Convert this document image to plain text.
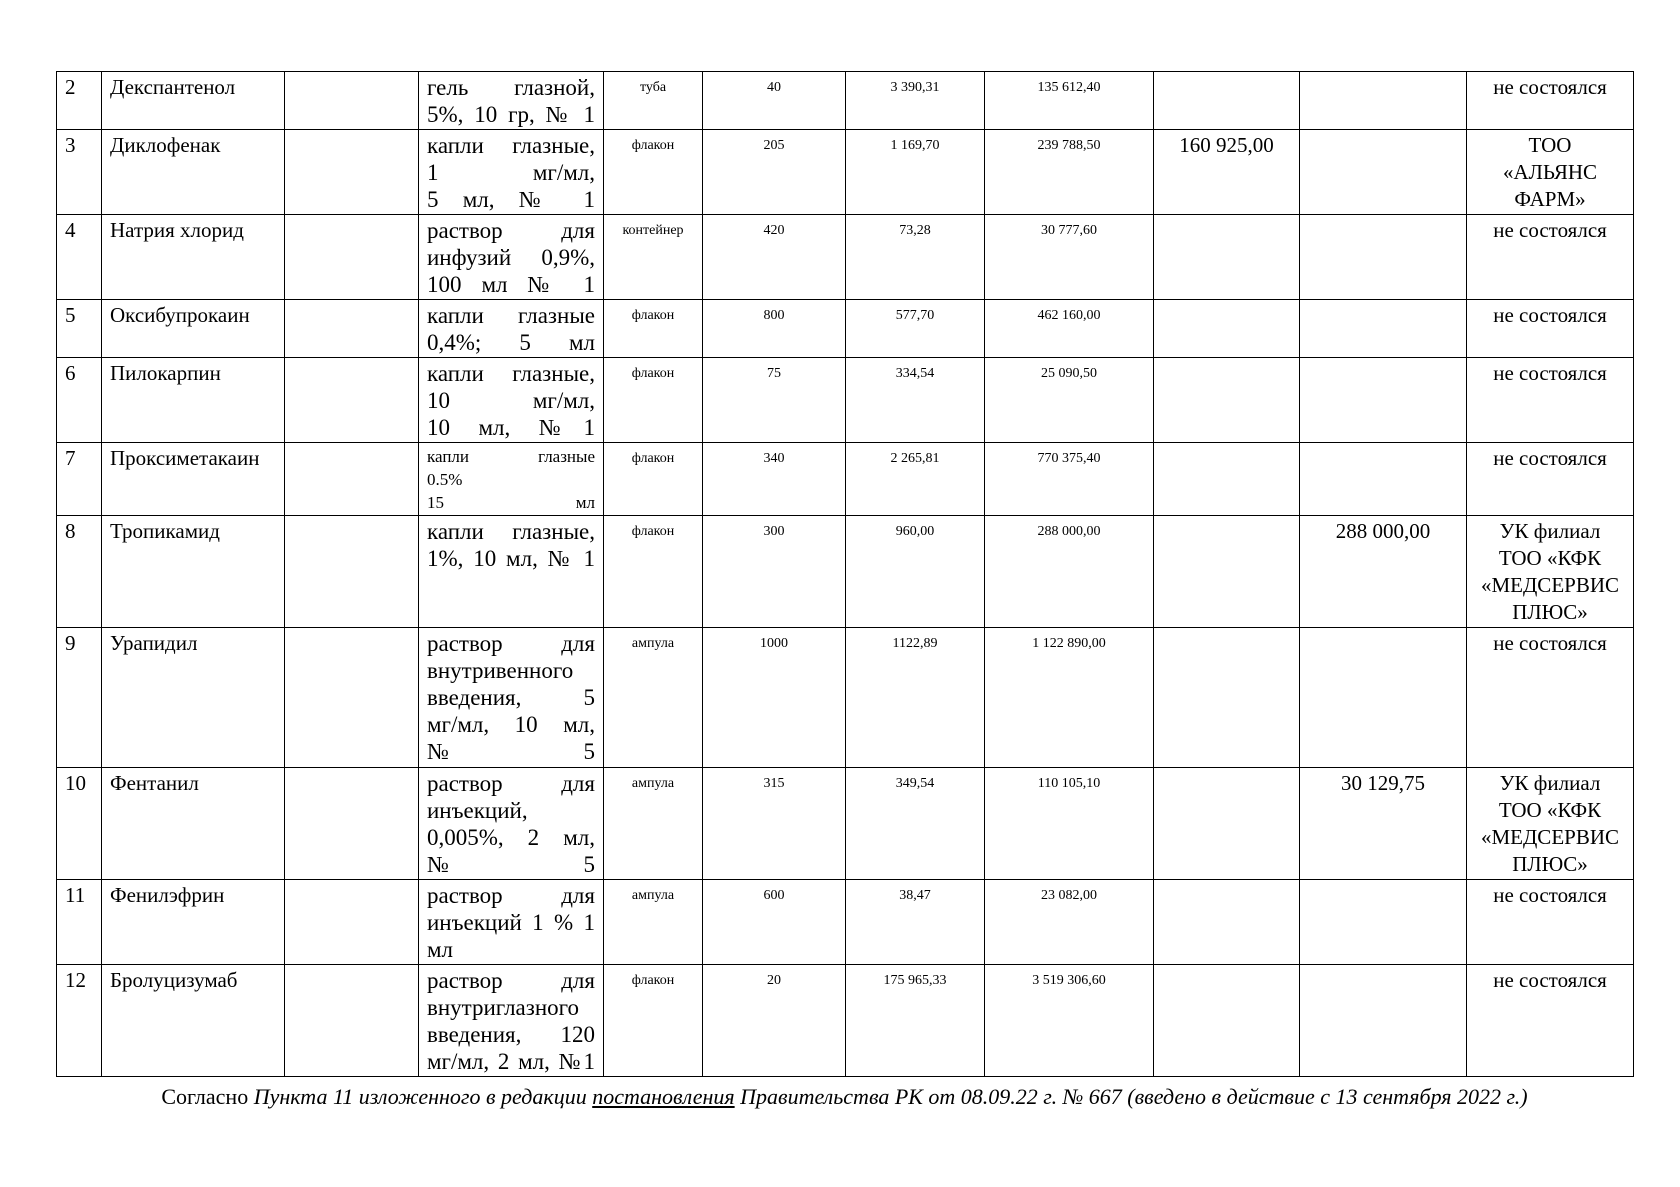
2	Декспантенол		гель глазной,
5%, 10 гр, № 1	туба	40	3 390,31	135 612,40			не состоялся
3	Диклофенак		капли глазные,
1 мг/мл,
5 мл, № 1	флакон	205	1 169,70	239 788,50	160 925,00		ТОО
«АЛЬЯНС
ФАРМ»
4	Натрия хлорид		раствор для
инфузий 0,9%,
100 мл № 1	контейнер	420	73,28	30 777,60			не состоялся
5	Оксибупрокаин		капли глазные
0,4%; 5 мл	флакон	800	577,70	462 160,00			не состоялся
6	Пилокарпин		капли глазные,
10 мг/мл,
10 мл, №1	флакон	75	334,54	25 090,50			не состоялся
7	Проксиметакаин		капли глазные
0.5%
15 мл	флакон	340	2 265,81	770 375,40			не состоялся
8	Тропикамид		капли глазные,
1%, 10 мл, № 1	флакон	300	960,00	288 000,00		288 000,00	УК филиал
ТОО «КФК
«МЕДСЕРВИС
ПЛЮС»
9	Урапидил		раствор для
внутривенного
введения, 5
мг/мл, 10 мл,
№5	ампула	1000	1122,89	1 122 890,00			не состоялся
10	Фентанил		раствор для
инъекций,
0,005%, 2 мл,
№5	ампула	315	349,54	110 105,10		30 129,75	УК филиал
ТОО «КФК
«МЕДСЕРВИС
ПЛЮС»
11	Фенилэфрин		раствор для
инъекций 1 % 1
мл	ампула	600	38,47	23 082,00			не состоялся
12	Бролуцизумаб		раствор для
внутриглазного
введения, 120
мг/мл, 2 мл, №1	флакон	20	175 965,33	3 519 306,60			не состоялся
Согласно Пункта 11 изложенного в редакции постановления Правительства РК от 08.09.22 г. № 667 (введено в действие с 13 сентября 2022 г.)
